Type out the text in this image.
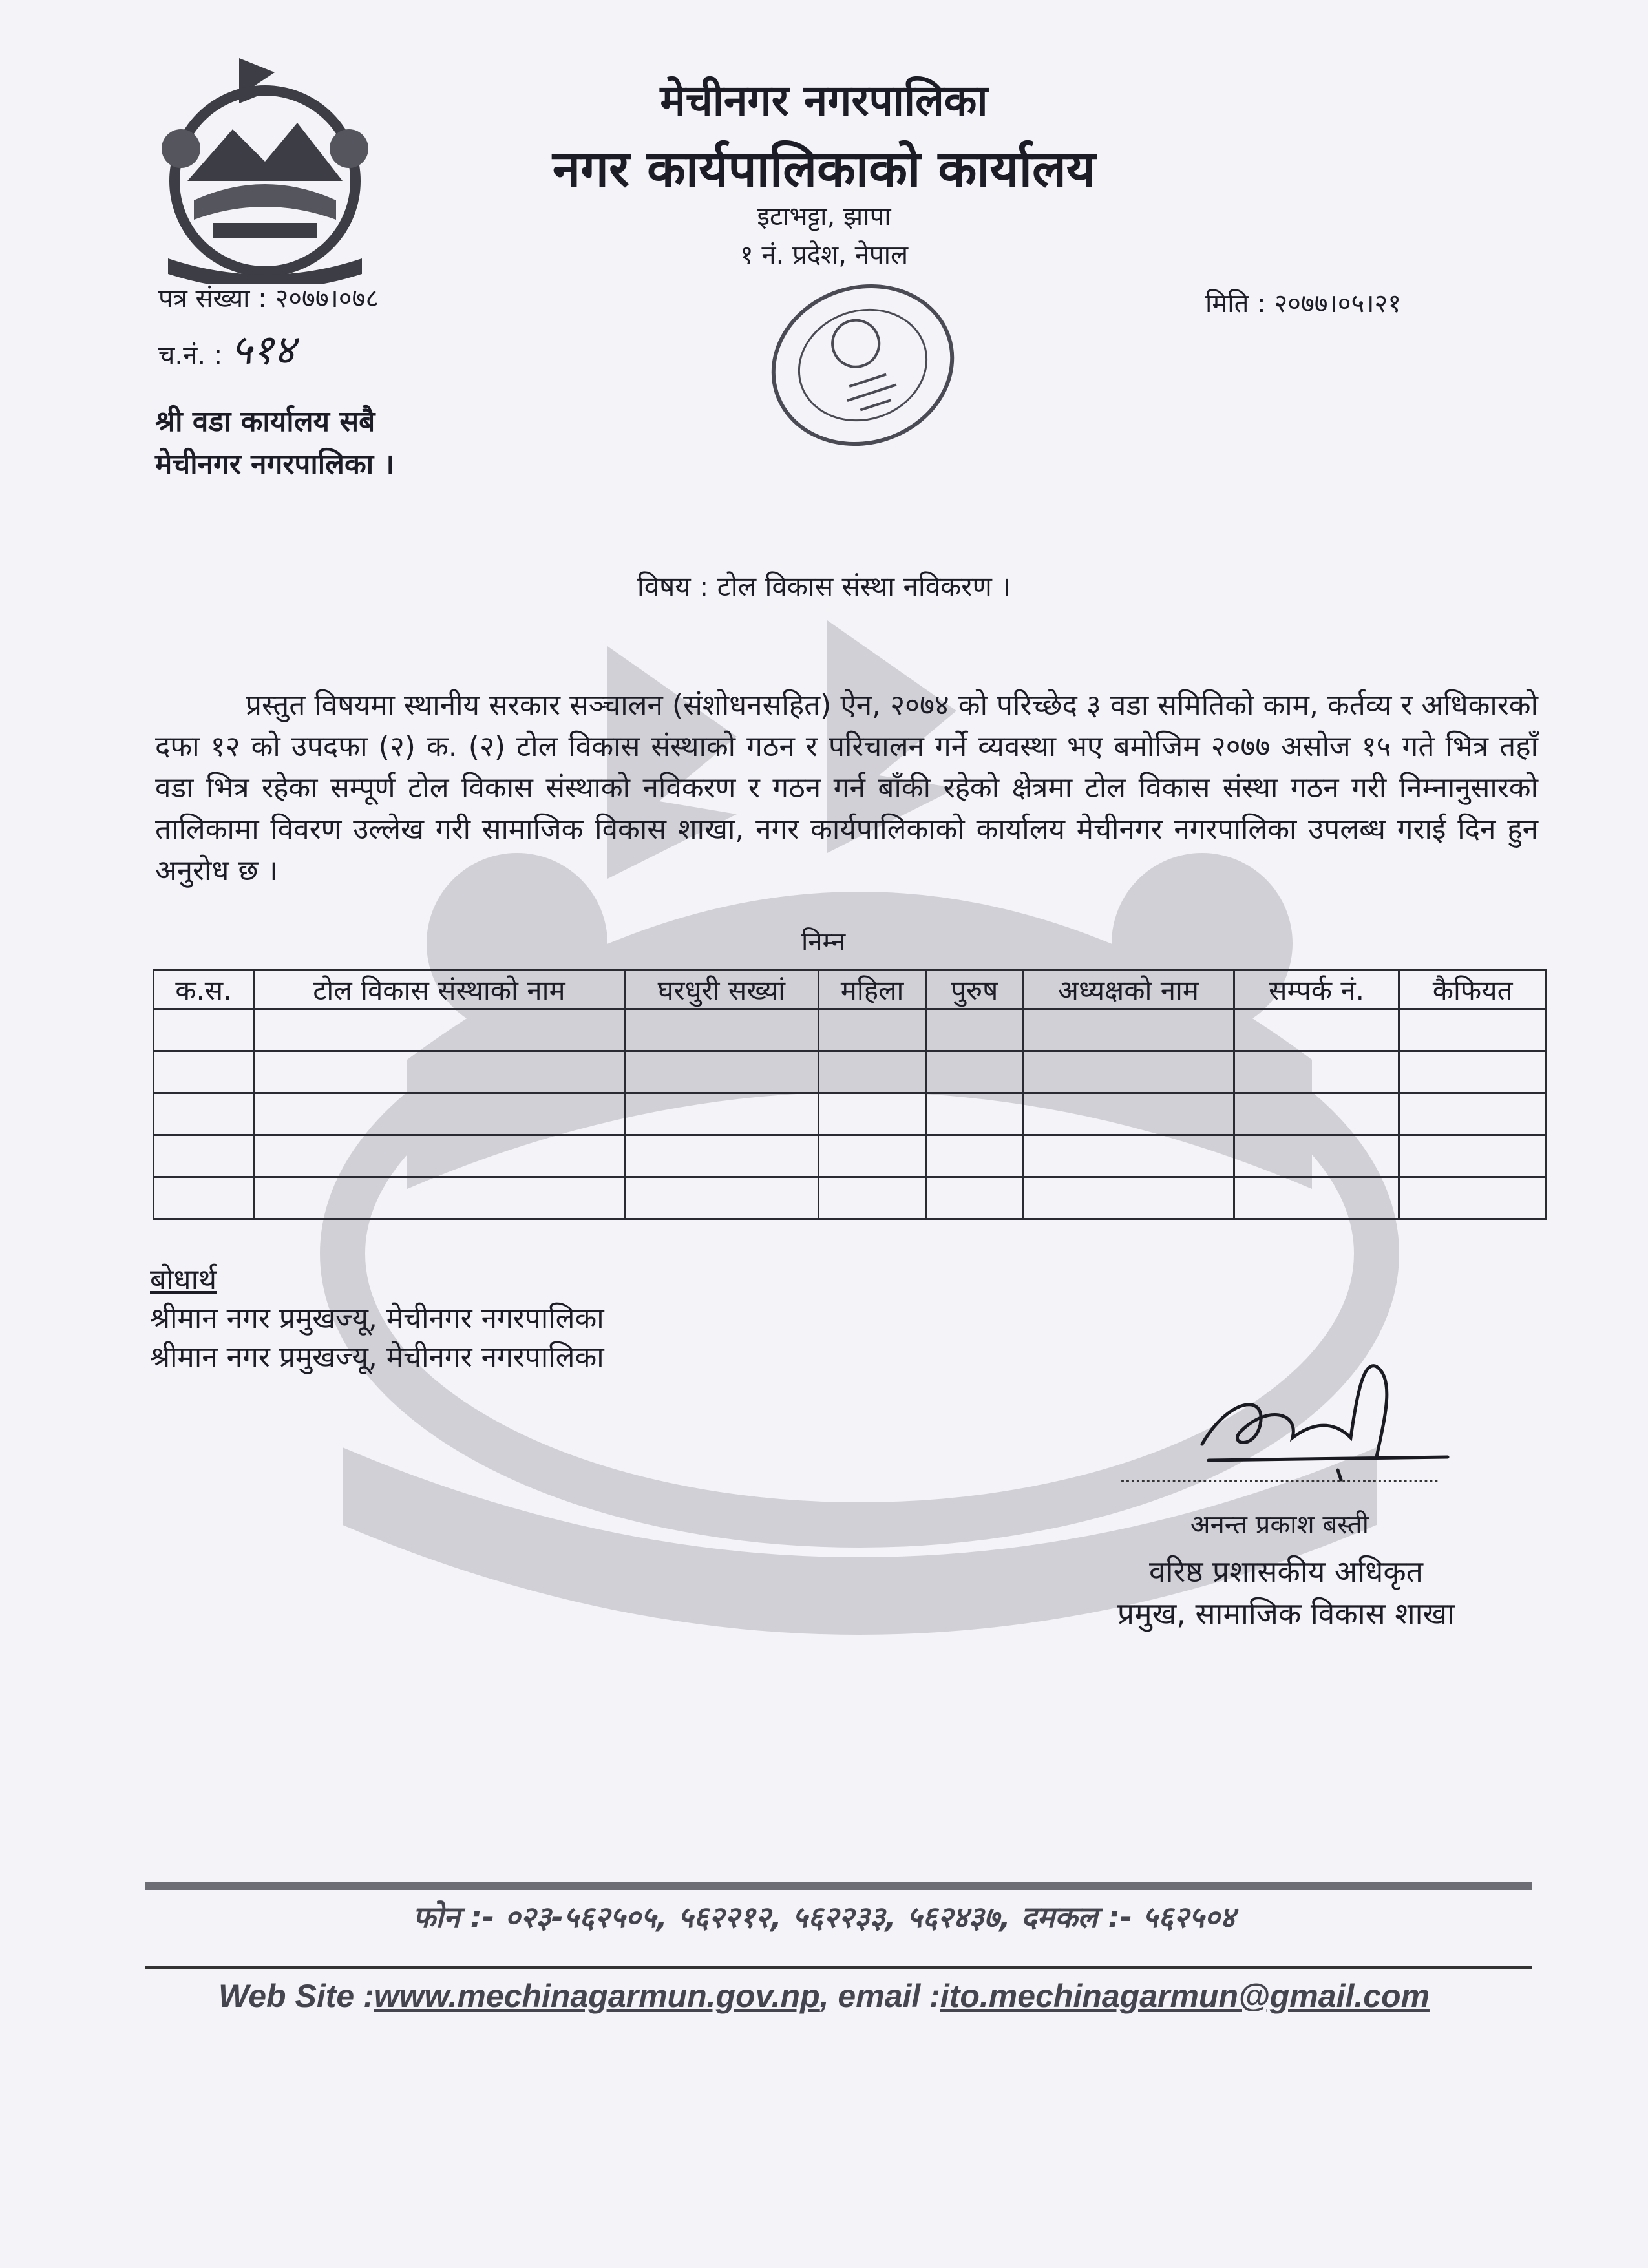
मेचीनगर नगरपालिका
नगर कार्यपालिकाको कार्यालय
इटाभट्टा, झापा
१ नं. प्रदेश, नेपाल
पत्र संख्या : २०७७।०७८
च.नं. : ५१४
मिति : २०७७।०५।२१
श्री वडा कार्यालय सबै
मेचीनगर नगरपालिका ।
विषय : टोल विकास संस्था नविकरण ।
प्रस्तुत विषयमा स्थानीय सरकार सञ्चालन (संशोधनसहित) ऐन, २०७४ को परिच्छेद ३ वडा समितिको काम, कर्तव्य र अधिकारको दफा १२ को उपदफा (२) क. (२) टोल विकास संस्थाको गठन र परिचालन गर्ने व्यवस्था भए बमोजिम २०७७ असोज १५ गते भित्र तहाँ वडा भित्र रहेका सम्पूर्ण टोल विकास संस्थाको नविकरण र गठन गर्न बाँकी रहेको क्षेत्रमा टोल विकास संस्था गठन गरी निम्नानुसारको तालिकामा विवरण उल्लेख गरी सामाजिक विकास शाखा, नगर कार्यपालिकाको कार्यालय मेचीनगर नगरपालिका उपलब्ध गराई दिन हुन अनुरोध छ ।
निम्न
क.स.	टोल विकास संस्थाको नाम	घरधुरी सख्यां	महिला	पुरुष	अध्यक्षको नाम	सम्पर्क नं.	कैफियत

बोधार्थ
श्रीमान नगर प्रमुखज्यू, मेचीनगर नगरपालिका
श्रीमान नगर प्रमुखज्यू, मेचीनगर नगरपालिका
अनन्त प्रकाश बस्ती
वरिष्ठ प्रशासकीय अधिकृत
प्रमुख, सामाजिक विकास शाखा
फोन :- ०२३-५६२५०५, ५६२२१२, ५६२२३३, ५६२४३७, दमकल :- ५६२५०४
Web Site :www.mechinagarmun.gov.np, email :ito.mechinagarmun@gmail.com
